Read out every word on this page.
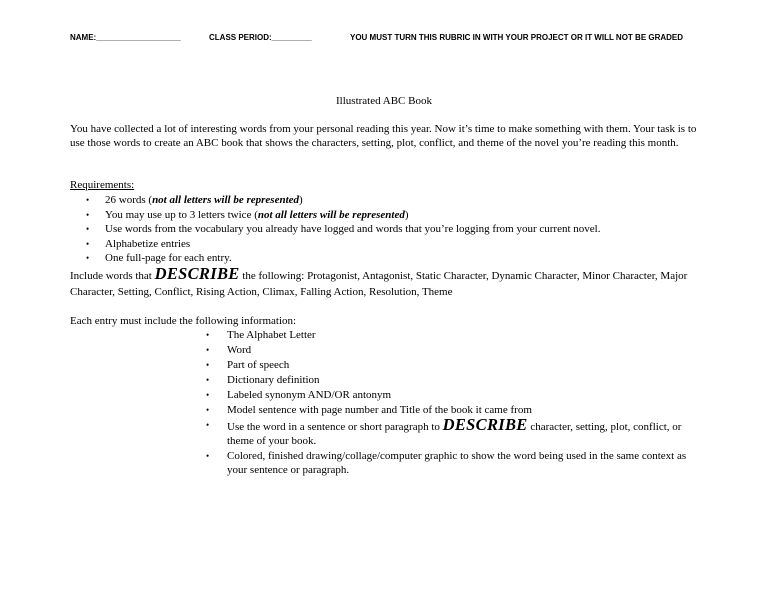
NAME:___________________	CLASS PERIOD:_________	YOU MUST TURN THIS RUBRIC IN WITH YOUR PROJECT OR IT WILL NOT BE GRADED
Illustrated ABC Book

You have collected a lot of interesting words from your personal reading this year. Now it’s time to make something with them. Your task is to use those words to create an ABC book that shows the characters, setting, plot, conflict, and theme of the novel you’re reading this month.

Requirements:
• 26 words (not all letters will be represented)
• You may use up to 3 letters twice (not all letters will be represented)
• Use words from the vocabulary you already have logged and words that you’re logging from your current novel.
• Alphabetize entries
• One full-page for each entry.

Include words that DESCRIBE the following: Protagonist, Antagonist, Static Character, Dynamic Character, Minor Character, Major Character, Setting, Conflict, Rising Action, Climax, Falling Action, Resolution, Theme

Each entry must include the following information:
• The Alphabet Letter
• Word
• Part of speech
• Dictionary definition
• Labeled synonym AND/OR antonym
• Model sentence with page number and Title of the book it came from
• Use the word in a sentence or short paragraph to DESCRIBE character, setting, plot, conflict, or theme of your book.
• Colored, finished drawing/collage/computer graphic to show the word being used in the same context as your sentence or paragraph.
